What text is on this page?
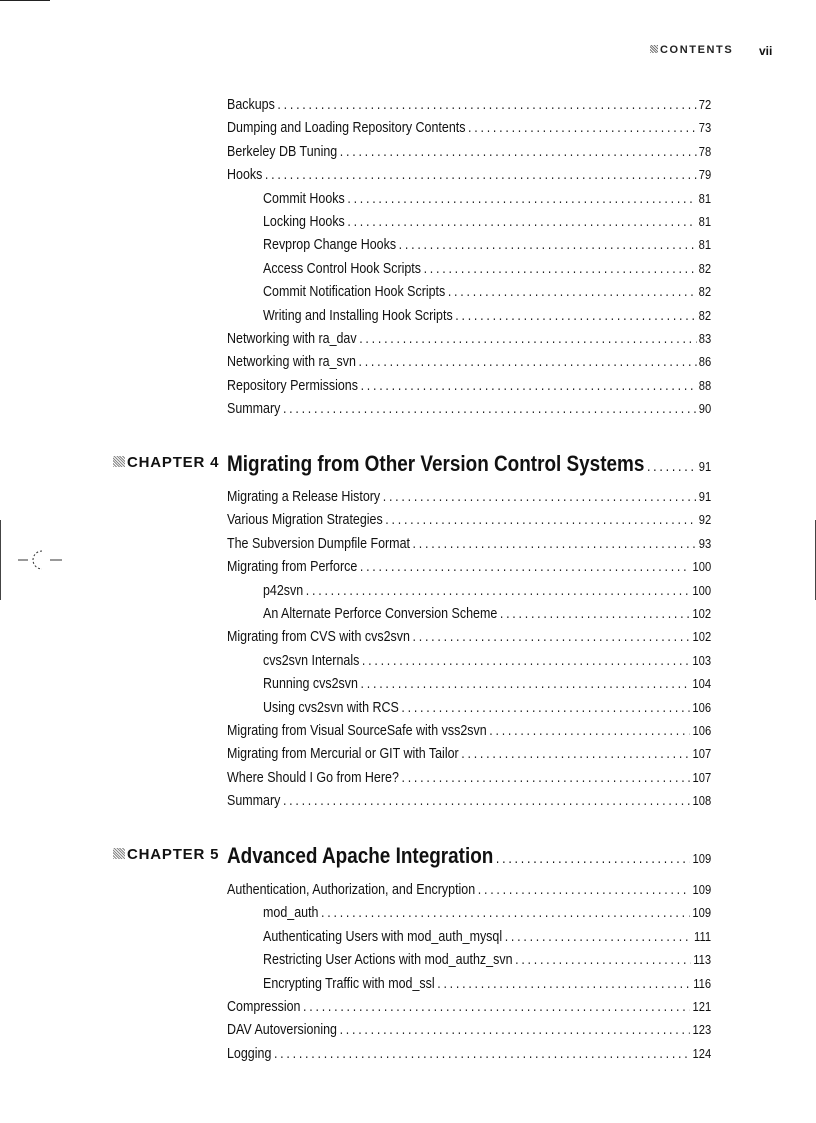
CONTENTS vii
Backups .....	72
Dumping and Loading Repository Contents .....	73
Berkeley DB Tuning .....	78
Hooks .....	79
Commit Hooks .....	81
Locking Hooks .....	81
Revprop Change Hooks .....	81
Access Control Hook Scripts .....	82
Commit Notification Hook Scripts .....	82
Writing and Installing Hook Scripts .....	82
Networking with ra_dav .....	83
Networking with ra_svn .....	86
Repository Permissions .....	88
Summary .....	90
CHAPTER 4 Migrating from Other Version Control Systems .....	91
Migrating a Release History .....	91
Various Migration Strategies .....	92
The Subversion Dumpfile Format .....	93
Migrating from Perforce .....	100
p42svn .....	100
An Alternate Perforce Conversion Scheme .....	102
Migrating from CVS with cvs2svn .....	102
cvs2svn Internals .....	103
Running cvs2svn .....	104
Using cvs2svn with RCS .....	106
Migrating from Visual SourceSafe with vss2svn .....	106
Migrating from Mercurial or GIT with Tailor .....	107
Where Should I Go from Here? .....	107
Summary .....	108
CHAPTER 5 Advanced Apache Integration .....	109
Authentication, Authorization, and Encryption .....	109
mod_auth .....	109
Authenticating Users with mod_auth_mysql .....	111
Restricting User Actions with mod_authz_svn .....	113
Encrypting Traffic with mod_ssl .....	116
Compression .....	121
DAV Autoversioning .....	123
Logging .....	124
